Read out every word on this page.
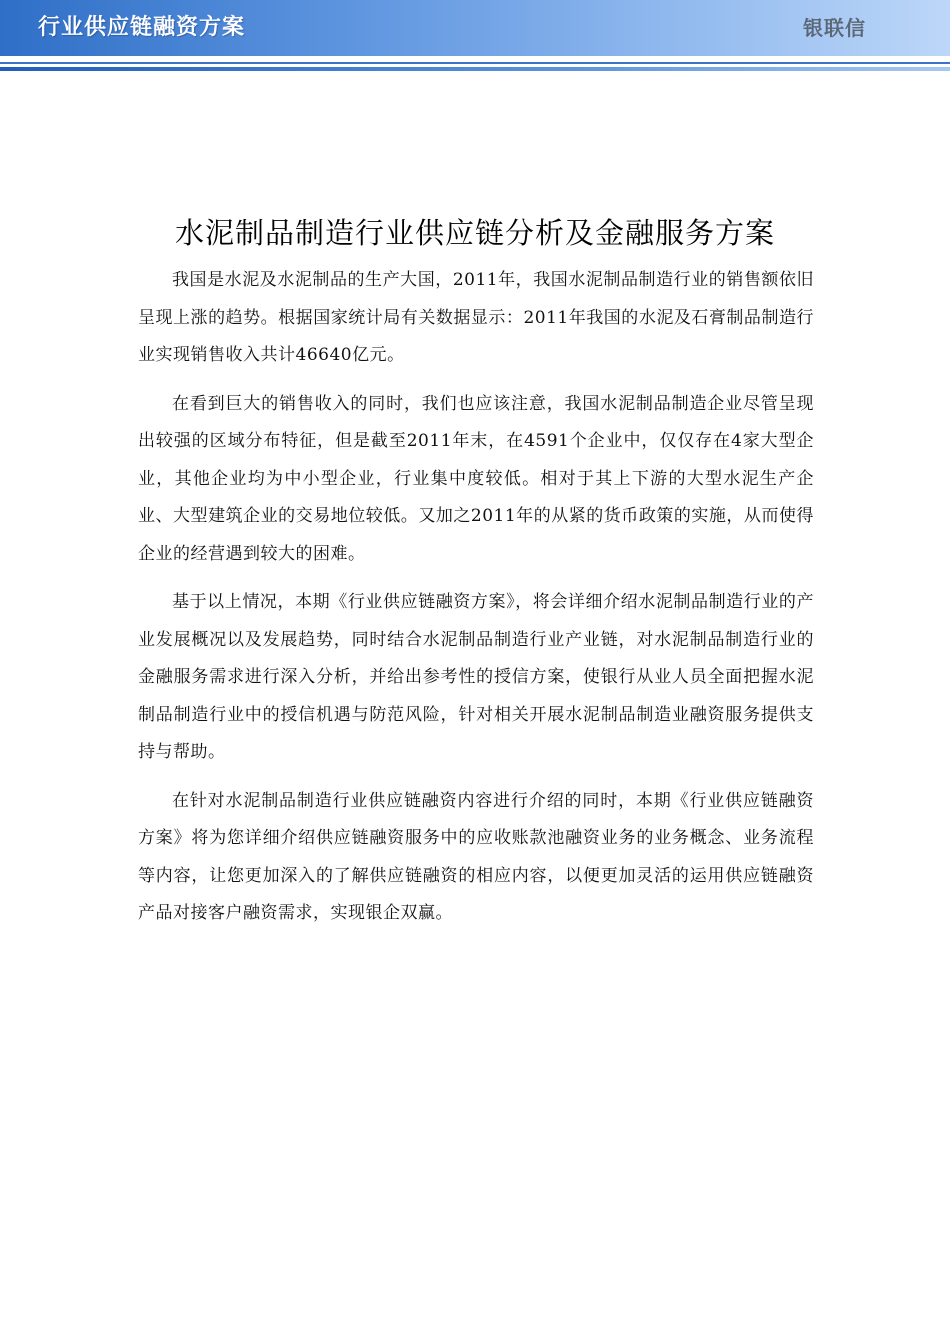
行业供应链融资方案	银联信
水泥制品制造行业供应链分析及金融服务方案

我国是水泥及水泥制品的生产大国，2011年，我国水泥制品制造行业的销售额依旧呈现上涨的趋势。根据国家统计局有关数据显示：2011年我国的水泥及石膏制品制造行业实现销售收入共计46640亿元。

在看到巨大的销售收入的同时，我们也应该注意，我国水泥制品制造企业尽管呈现出较强的区域分布特征，但是截至2011年末，在4591个企业中，仅仅存在4家大型企业，其他企业均为中小型企业，行业集中度较低。相对于其上下游的大型水泥生产企业、大型建筑企业的交易地位较低。又加之2011年的从紧的货币政策的实施，从而使得企业的经营遇到较大的困难。

基于以上情况，本期《行业供应链融资方案》，将会详细介绍水泥制品制造行业的产业发展概况以及发展趋势，同时结合水泥制品制造行业产业链，对水泥制品制造行业的金融服务需求进行深入分析，并给出参考性的授信方案，使银行从业人员全面把握水泥制品制造行业中的授信机遇与防范风险，针对相关开展水泥制品制造业融资服务提供支持与帮助。

在针对水泥制品制造行业供应链融资内容进行介绍的同时，本期《行业供应链融资方案》将为您详细介绍供应链融资服务中的应收账款池融资业务的业务概念、业务流程等内容，让您更加深入的了解供应链融资的相应内容，以便更加灵活的运用供应链融资产品对接客户融资需求，实现银企双赢。
